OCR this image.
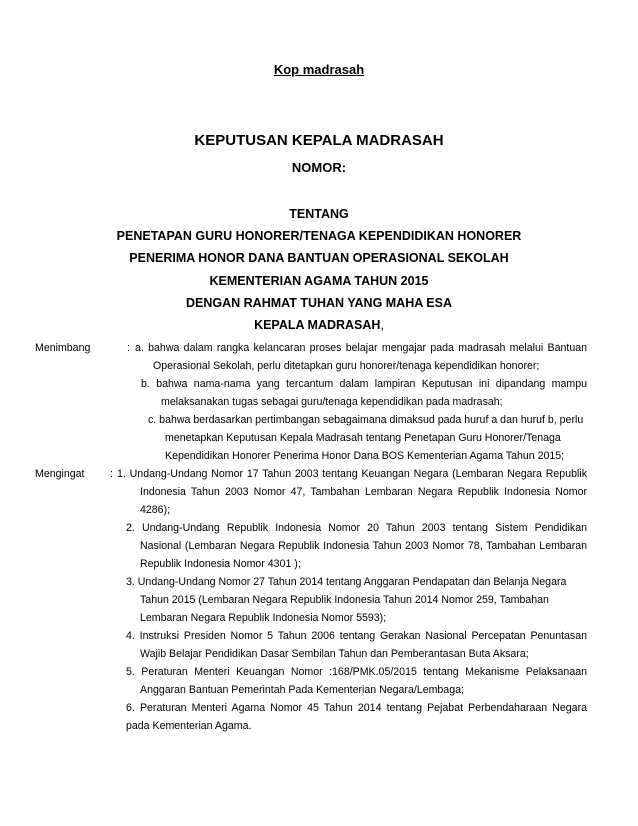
Kop madrasah
KEPUTUSAN KEPALA MADRASAH
NOMOR:
TENTANG
PENETAPAN GURU HONORER/TENAGA KEPENDIDIKAN HONORER
PENERIMA HONOR DANA BANTUAN OPERASIONAL SEKOLAH
KEMENTERIAN AGAMA TAHUN 2015
DENGAN RAHMAT TUHAN YANG MAHA ESA
KEPALA MADRASAH,
Menimbang	: a. bahwa dalam rangka kelancaran proses belajar mengajar pada madrasah melalui Bantuan
Operasional Sekolah, perlu ditetapkan guru honorer/tenaga kependidikan honorer;
b. bahwa nama-nama yang tercantum dalam lampiran Keputusan ini dipandang mampu
melaksanakan tugas sebagai guru/tenaga kependidikan pada madrasah;
c. bahwa berdasarkan pertimbangan sebagaimana dimaksud pada huruf a dan huruf b, perlu
menetapkan Keputusan Kepala Madrasah tentang Penetapan Guru Honorer/Tenaga
Kependidikan Honorer Penerima Honor Dana BOS Kementerian Agama Tahun 2015;
Mengingat : 1. Undang-Undang Nomor 17 Tahun 2003 tentang Keuangan Negara (Lembaran Negara Republik
Indonesia Tahun 2003 Nomor 47, Tambahan Lembaran Negara Republik Indonesia Nomor
4286);
2. Undang-Undang Republik Indonesia Nomor 20 Tahun 2003 tentang Sistem Pendidikan
Nasional (Lembaran Negara Republik Indonesia Tahun 2003 Nomor 78, Tambahan Lembaran
Republik Indonesia Nomor 4301 );
3. Undang-Undang Nomor 27 Tahun 2014 tentang Anggaran Pendapatan dan Belanja Negara
Tahun 2015 (Lembaran Negara Republik Indonesia Tahun 2014 Nomor 259, Tambahan
Lembaran Negara Republik Indonesia Nomor 5593);
4. Instruksi Presiden Nomor 5 Tahun 2006 tentang Gerakan Nasional Percepatan Penuntasan
Wajib Belajar Pendidikan Dasar Sembilan Tahun dan Pemberantasan Buta Aksara;
5. Peraturan Menteri Keuangan Nomor :168/PMK.05/2015 tentang Mekanisme Pelaksanaan
Anggaran Bantuan Pemerintah Pada Kementerian Negara/Lembaga;
6. Peraturan Menteri Agama Nomor 45 Tahun 2014 tentang Pejabat Perbendaharaan Negara
pada Kementerian Agama.
